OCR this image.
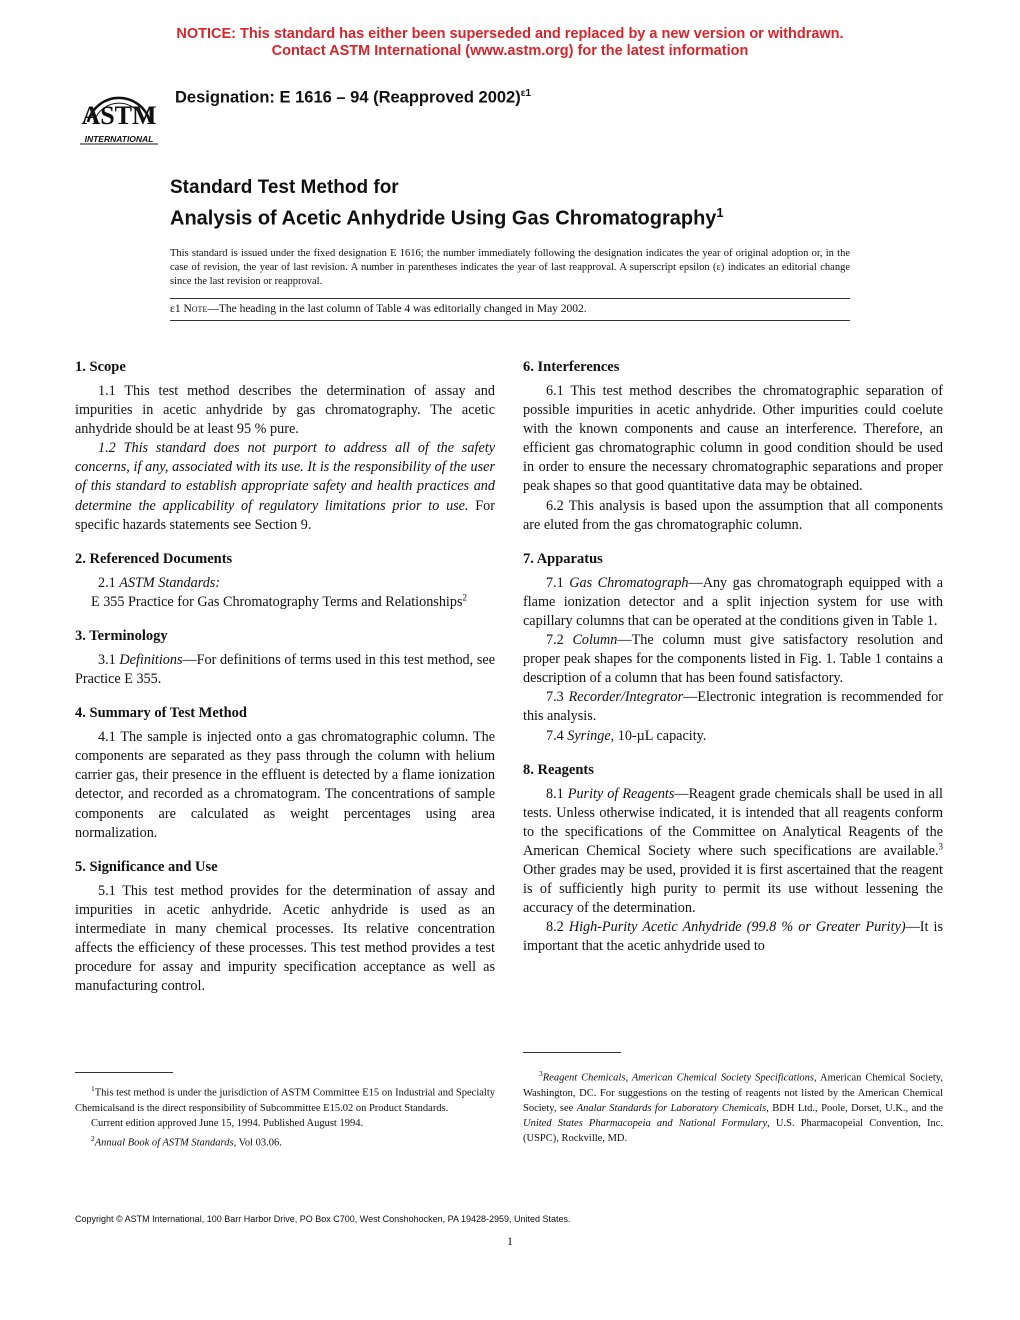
NOTICE: This standard has either been superseded and replaced by a new version or withdrawn.
Contact ASTM International (www.astm.org) for the latest information
ASTM
INTERNATIONAL
Designation: E 1616 – 94 (Reapproved 2002)$^{\varepsilon 1}$
Standard Test Method for
Analysis of Acetic Anhydride Using Gas Chromatography$^1$
This standard is issued under the fixed designation E 1616; the number immediately following the designation indicates the year of original adoption or, in the case of revision, the year of last revision. A number in parentheses indicates the year of last reapproval. A superscript epsilon (ε) indicates an editorial change since the last revision or reapproval.
ε1 Note—The heading in the last column of Table 4 was editorially changed in May 2002.
1. Scope

1.1 This test method describes the determination of assay and impurities in acetic anhydride by gas chromatography. The acetic anhydride should be at least 95 % pure.

1.2 This standard does not purport to address all of the safety concerns, if any, associated with its use. It is the responsibility of the user of this standard to establish appropriate safety and health practices and determine the applicability of regulatory limitations prior to use. For specific hazards statements see Section 9.

2. Referenced Documents

2.1 ASTM Standards:

E 355 Practice for Gas Chromatography Terms and Relationships$^2$

3. Terminology

3.1 Definitions—For definitions of terms used in this test method, see Practice E 355.

4. Summary of Test Method

4.1 The sample is injected onto a gas chromatographic column. The components are separated as they pass through the column with helium carrier gas, their presence in the effluent is detected by a flame ionization detector, and recorded as a chromatogram. The concentrations of sample components are calculated as weight percentages using area normalization.

5. Significance and Use

5.1 This test method provides for the determination of assay and impurities in acetic anhydride. Acetic anhydride is used as an intermediate in many chemical processes. Its relative concentration affects the efficiency of these processes. This test method provides a test procedure for assay and impurity specification acceptance as well as manufacturing control.

6. Interferences

6.1 This test method describes the chromatographic separation of possible impurities in acetic anhydride. Other impurities could coelute with the known components and cause an interference. Therefore, an efficient gas chromatographic column in good condition should be used in order to ensure the necessary chromatographic separations and proper peak shapes so that good quantitative data may be obtained.

6.2 This analysis is based upon the assumption that all components are eluted from the gas chromatographic column.

7. Apparatus

7.1 Gas Chromatograph—Any gas chromatograph equipped with a flame ionization detector and a split injection system for use with capillary columns that can be operated at the conditions given in Table 1.

7.2 Column—The column must give satisfactory resolution and proper peak shapes for the components listed in Fig. 1. Table 1 contains a description of a column that has been found satisfactory.

7.3 Recorder/Integrator—Electronic integration is recommended for this analysis.

7.4 Syringe, 10-µL capacity.

8. Reagents

8.1 Purity of Reagents—Reagent grade chemicals shall be used in all tests. Unless otherwise indicated, it is intended that all reagents conform to the specifications of the Committee on Analytical Reagents of the American Chemical Society where such specifications are available.$^3$ Other grades may be used, provided it is first ascertained that the reagent is of sufficiently high purity to permit its use without lessening the accuracy of the determination.

8.2 High-Purity Acetic Anhydride (99.8 % or Greater Purity)—It is important that the acetic anhydride used to

$^1$This test method is under the jurisdiction of ASTM Committee E15 on Industrial and Specialty Chemicalsand is the direct responsibility of Subcommittee E15.02 on Product Standards.

Current edition approved June 15, 1994. Published August 1994.

$^2$Annual Book of ASTM Standards, Vol 03.06.

$^3$Reagent Chemicals, American Chemical Society Specifications, American Chemical Society, Washington, DC. For suggestions on the testing of reagents not listed by the American Chemical Society, see Analar Standards for Laboratory Chemicals, BDH Ltd., Poole, Dorset, U.K., and the United States Pharmacopeia and National Formulary, U.S. Pharmacopeial Convention, Inc. (USPC), Rockville, MD.

Copyright © ASTM International, 100 Barr Harbor Drive, PO Box C700, West Conshohocken, PA 19428-2959, United States.
1
